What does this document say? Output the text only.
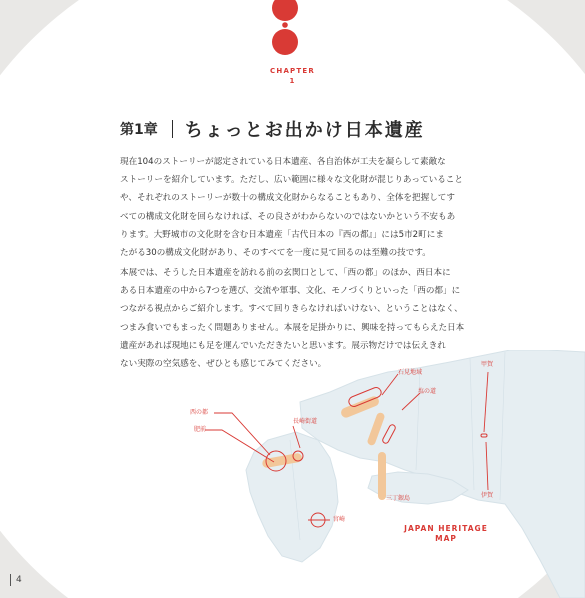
CHAPTER
1
第1章 ちょっとお出かけ日本遺産

現在104のストーリーが認定されている日本遺産、各自治体が工夫を凝らして素敵な

ストーリーを紹介しています。ただし、広い範囲に様々な文化財が混じりあっていること

や、それぞれのストーリーが数十の構成文化財からなることもあり、全体を把握してす

べての構成文化財を回らなければ、その良さがわからないのではないかという不安もあ

ります。大野城市の文化財を含む日本遺産「古代日本の『西の都』」には5市2町にま

たがる30の構成文化財があり、そのすべてを一度に見て回るのは至難の技です。

本展では、そうした日本遺産を訪れる前の玄関口として、「西の都」のほか、西日本に

ある日本遺産の中から7つを選び、交流や軍事、文化、モノづくりといった「西の都」に

つながる視点からご紹介します。すべて回りきらなければいけない、ということはなく、

つまみ食いでもまったく問題ありません。本展を足掛かりに、興味を持ってもらえた日本

遺産があれば現地にも足を運んでいただきたいと思います。展示物だけでは伝えきれ

ない実際の空気感を、ぜひとも感じてみてください。

西の都
肥前
長崎街道
宮崎
石見地域
塩の道
甲賀
伊賀
三丁銀島
JAPAN HERITAGE
MAP
4
